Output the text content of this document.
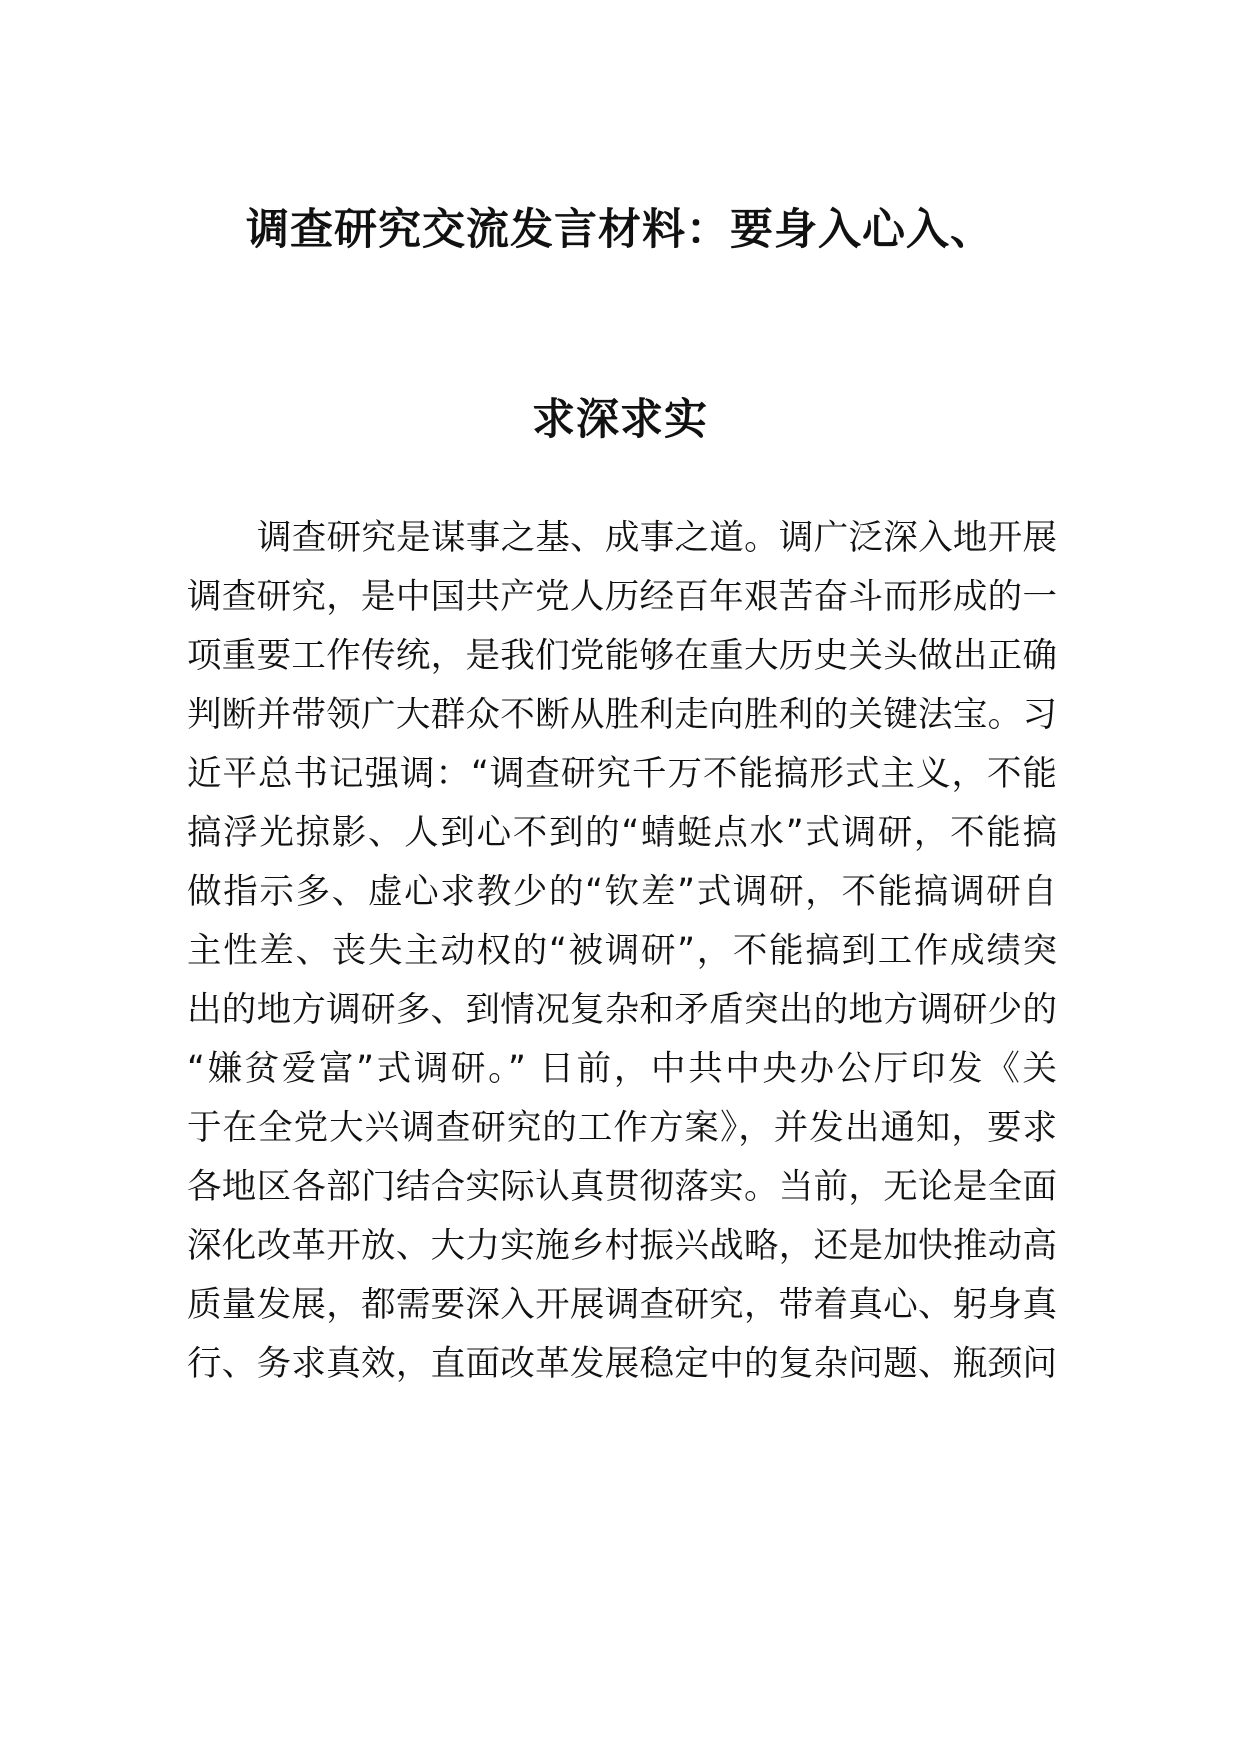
调查研究交流发言材料：要身入心入、
求深求实
调查研究是谋事之基、成事之道。调广泛深入地开展
调查研究，是中国共产党人历经百年艰苦奋斗而形成的一
项重要工作传统，是我们党能够在重大历史关头做出正确
判断并带领广大群众不断从胜利走向胜利的关键法宝。习
近平总书记强调：“调查研究千万不能搞形式主义，不能
搞浮光掠影、人到心不到的“蜻蜓点水”式调研，不能搞
做指示多、虚心求教少的“钦差”式调研，不能搞调研自
主性差、丧失主动权的“被调研”，不能搞到工作成绩突
出的地方调研多、到情况复杂和矛盾突出的地方调研少的
“嫌贫爱富”式调研。” 日前，中共中央办公厅印发《关
于在全党大兴调查研究的工作方案》，并发出通知，要求
各地区各部门结合实际认真贯彻落实。当前，无论是全面
深化改革开放、大力实施乡村振兴战略，还是加快推动高
质量发展，都需要深入开展调查研究，带着真心、躬身真
行、务求真效，直面改革发展稳定中的复杂问题、瓶颈问
